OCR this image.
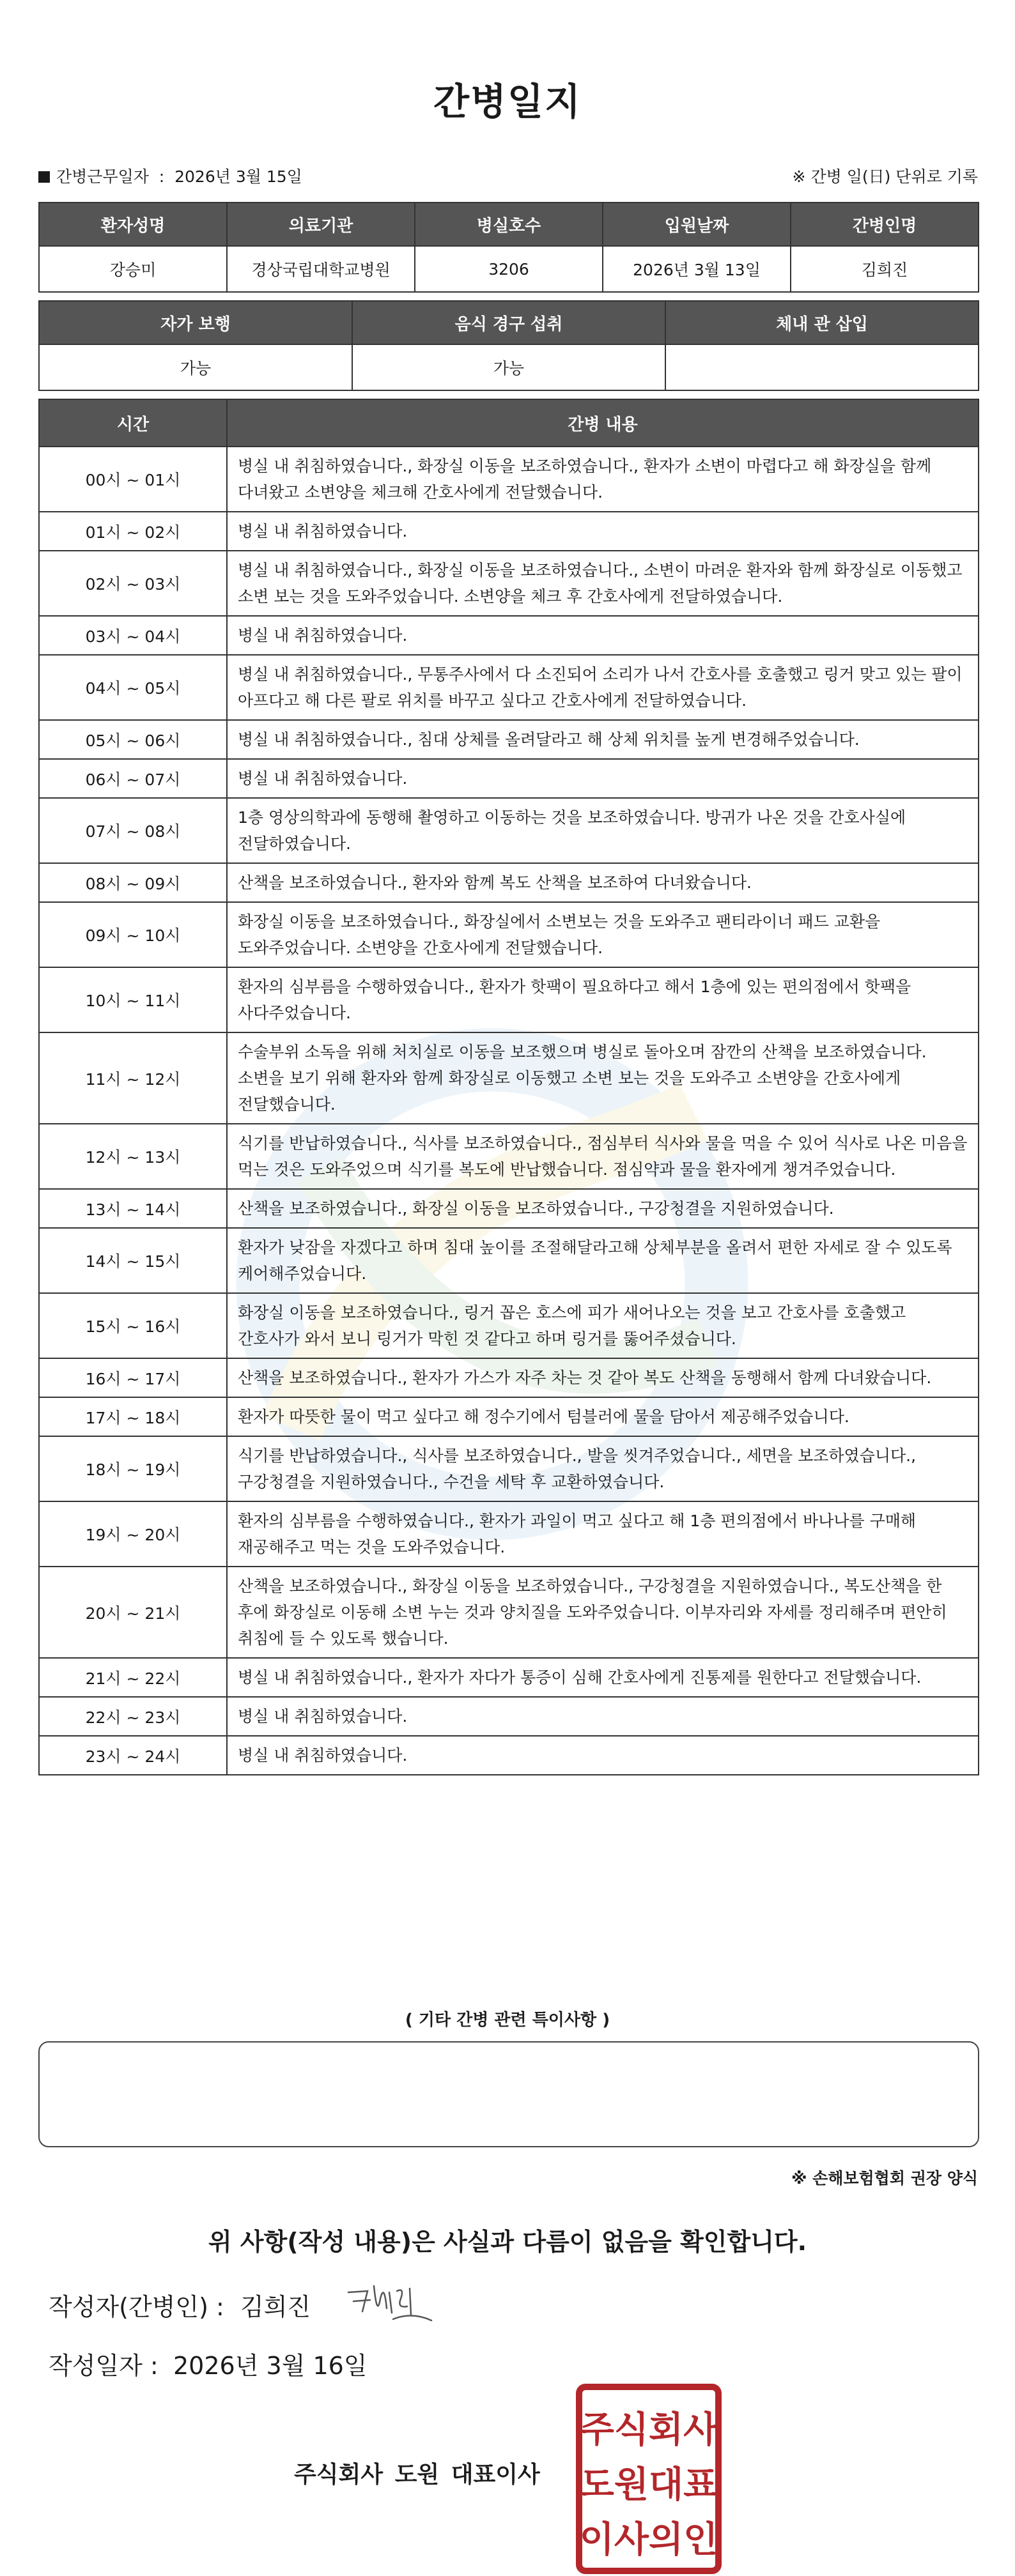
간병일지
간병근무일자  :  2026년 3월 15일	※ 간병 일(日) 단위로 기록
환자성명	의료기관	병실호수	입원날짜	간병인명
강승미	경상국립대학교병원	3206	2026년 3월 13일	김희진
자가 보행	음식 경구 섭취	체내 관 삽입
가능	가능	
시간	간병 내용
00시 ~ 01시	병실 내 취침하였습니다., 화장실 이동을 보조하였습니다., 환자가 소변이 마렵다고 해 화장실을 함께 다녀왔고 소변양을 체크해 간호사에게 전달했습니다.
01시 ~ 02시	병실 내 취침하였습니다.
02시 ~ 03시	병실 내 취침하였습니다., 화장실 이동을 보조하였습니다., 소변이 마려운 환자와 함께 화장실로 이동했고 소변 보는 것을 도와주었습니다. 소변양을 체크 후 간호사에게 전달하였습니다.
03시 ~ 04시	병실 내 취침하였습니다.
04시 ~ 05시	병실 내 취침하였습니다., 무통주사에서 다 소진되어 소리가 나서 간호사를 호출했고 링거 맞고 있는 팔이 아프다고 해 다른 팔로 위치를 바꾸고 싶다고 간호사에게 전달하였습니다.
05시 ~ 06시	병실 내 취침하였습니다., 침대 상체를 올려달라고 해 상체 위치를 높게 변경해주었습니다.
06시 ~ 07시	병실 내 취침하였습니다.
07시 ~ 08시	1층 영상의학과에 동행해 촬영하고 이동하는 것을 보조하였습니다. 방귀가 나온 것을 간호사실에 전달하였습니다.
08시 ~ 09시	산책을 보조하였습니다., 환자와 함께 복도 산책을 보조하여 다녀왔습니다.
09시 ~ 10시	화장실 이동을 보조하였습니다., 화장실에서 소변보는 것을 도와주고 팬티라이너 패드 교환을 도와주었습니다. 소변양을 간호사에게 전달했습니다.
10시 ~ 11시	환자의 심부름을 수행하였습니다., 환자가 핫팩이 필요하다고 해서 1층에 있는 편의점에서 핫팩을 사다주었습니다.
11시 ~ 12시	수술부위 소독을 위해 처치실로 이동을 보조했으며 병실로 돌아오며 잠깐의 산책을 보조하였습니다. 소변을 보기 위해 환자와 함께 화장실로 이동했고 소변 보는 것을 도와주고 소변양을 간호사에게 전달했습니다.
12시 ~ 13시	식기를 반납하였습니다., 식사를 보조하였습니다., 점심부터 식사와 물을 먹을 수 있어 식사로 나온 미음을 먹는 것은 도와주었으며 식기를 복도에 반납했습니다. 점심약과 물을 환자에게 챙겨주었습니다.
13시 ~ 14시	산책을 보조하였습니다., 화장실 이동을 보조하였습니다., 구강청결을 지원하였습니다.
14시 ~ 15시	환자가 낮잠을 자겠다고 하며 침대 높이를 조절해달라고해 상체부분을 올려서 편한 자세로 잘 수 있도록 케어해주었습니다.
15시 ~ 16시	화장실 이동을 보조하였습니다., 링거 꼽은 호스에 피가 새어나오는 것을 보고 간호사를 호출했고 간호사가 와서 보니 링거가 막힌 것 같다고 하며 링거를 뚫어주셨습니다.
16시 ~ 17시	산책을 보조하였습니다., 환자가 가스가 자주 차는 것 같아 복도 산책을 동행해서 함께 다녀왔습니다.
17시 ~ 18시	환자가 따뜻한 물이 먹고 싶다고 해 정수기에서 텀블러에 물을 담아서 제공해주었습니다.
18시 ~ 19시	식기를 반납하였습니다., 식사를 보조하였습니다., 발을 씻겨주었습니다., 세면을 보조하였습니다., 구강청결을 지원하였습니다., 수건을 세탁 후 교환하였습니다.
19시 ~ 20시	환자의 심부름을 수행하였습니다., 환자가 과일이 먹고 싶다고 해 1층 편의점에서 바나나를 구매해 재공해주고 먹는 것을 도와주었습니다.
20시 ~ 21시	산책을 보조하였습니다., 화장실 이동을 보조하였습니다., 구강청결을 지원하였습니다., 복도산책을 한 후에 화장실로 이동해 소변 누는 것과 양치질을 도와주었습니다. 이부자리와 자세를 정리해주며 편안히 취침에 들 수 있도록 했습니다.
21시 ~ 22시	병실 내 취침하였습니다., 환자가 자다가 통증이 심해 간호사에게 진통제를 원한다고 전달했습니다.
22시 ~ 23시	병실 내 취침하였습니다.
23시 ~ 24시	병실 내 취침하였습니다.
( 기타 간병 관련 특이사항 )
※ 손해보험협회 권장 양식
위 사항(작성 내용)은 사실과 다름이 없음을 확인합니다.
작성자(간병인) : 김희진
작성일자 : 2026년 3월 16일
주식회사 도원 대표이사
주식회사
도원대표
이사의인
